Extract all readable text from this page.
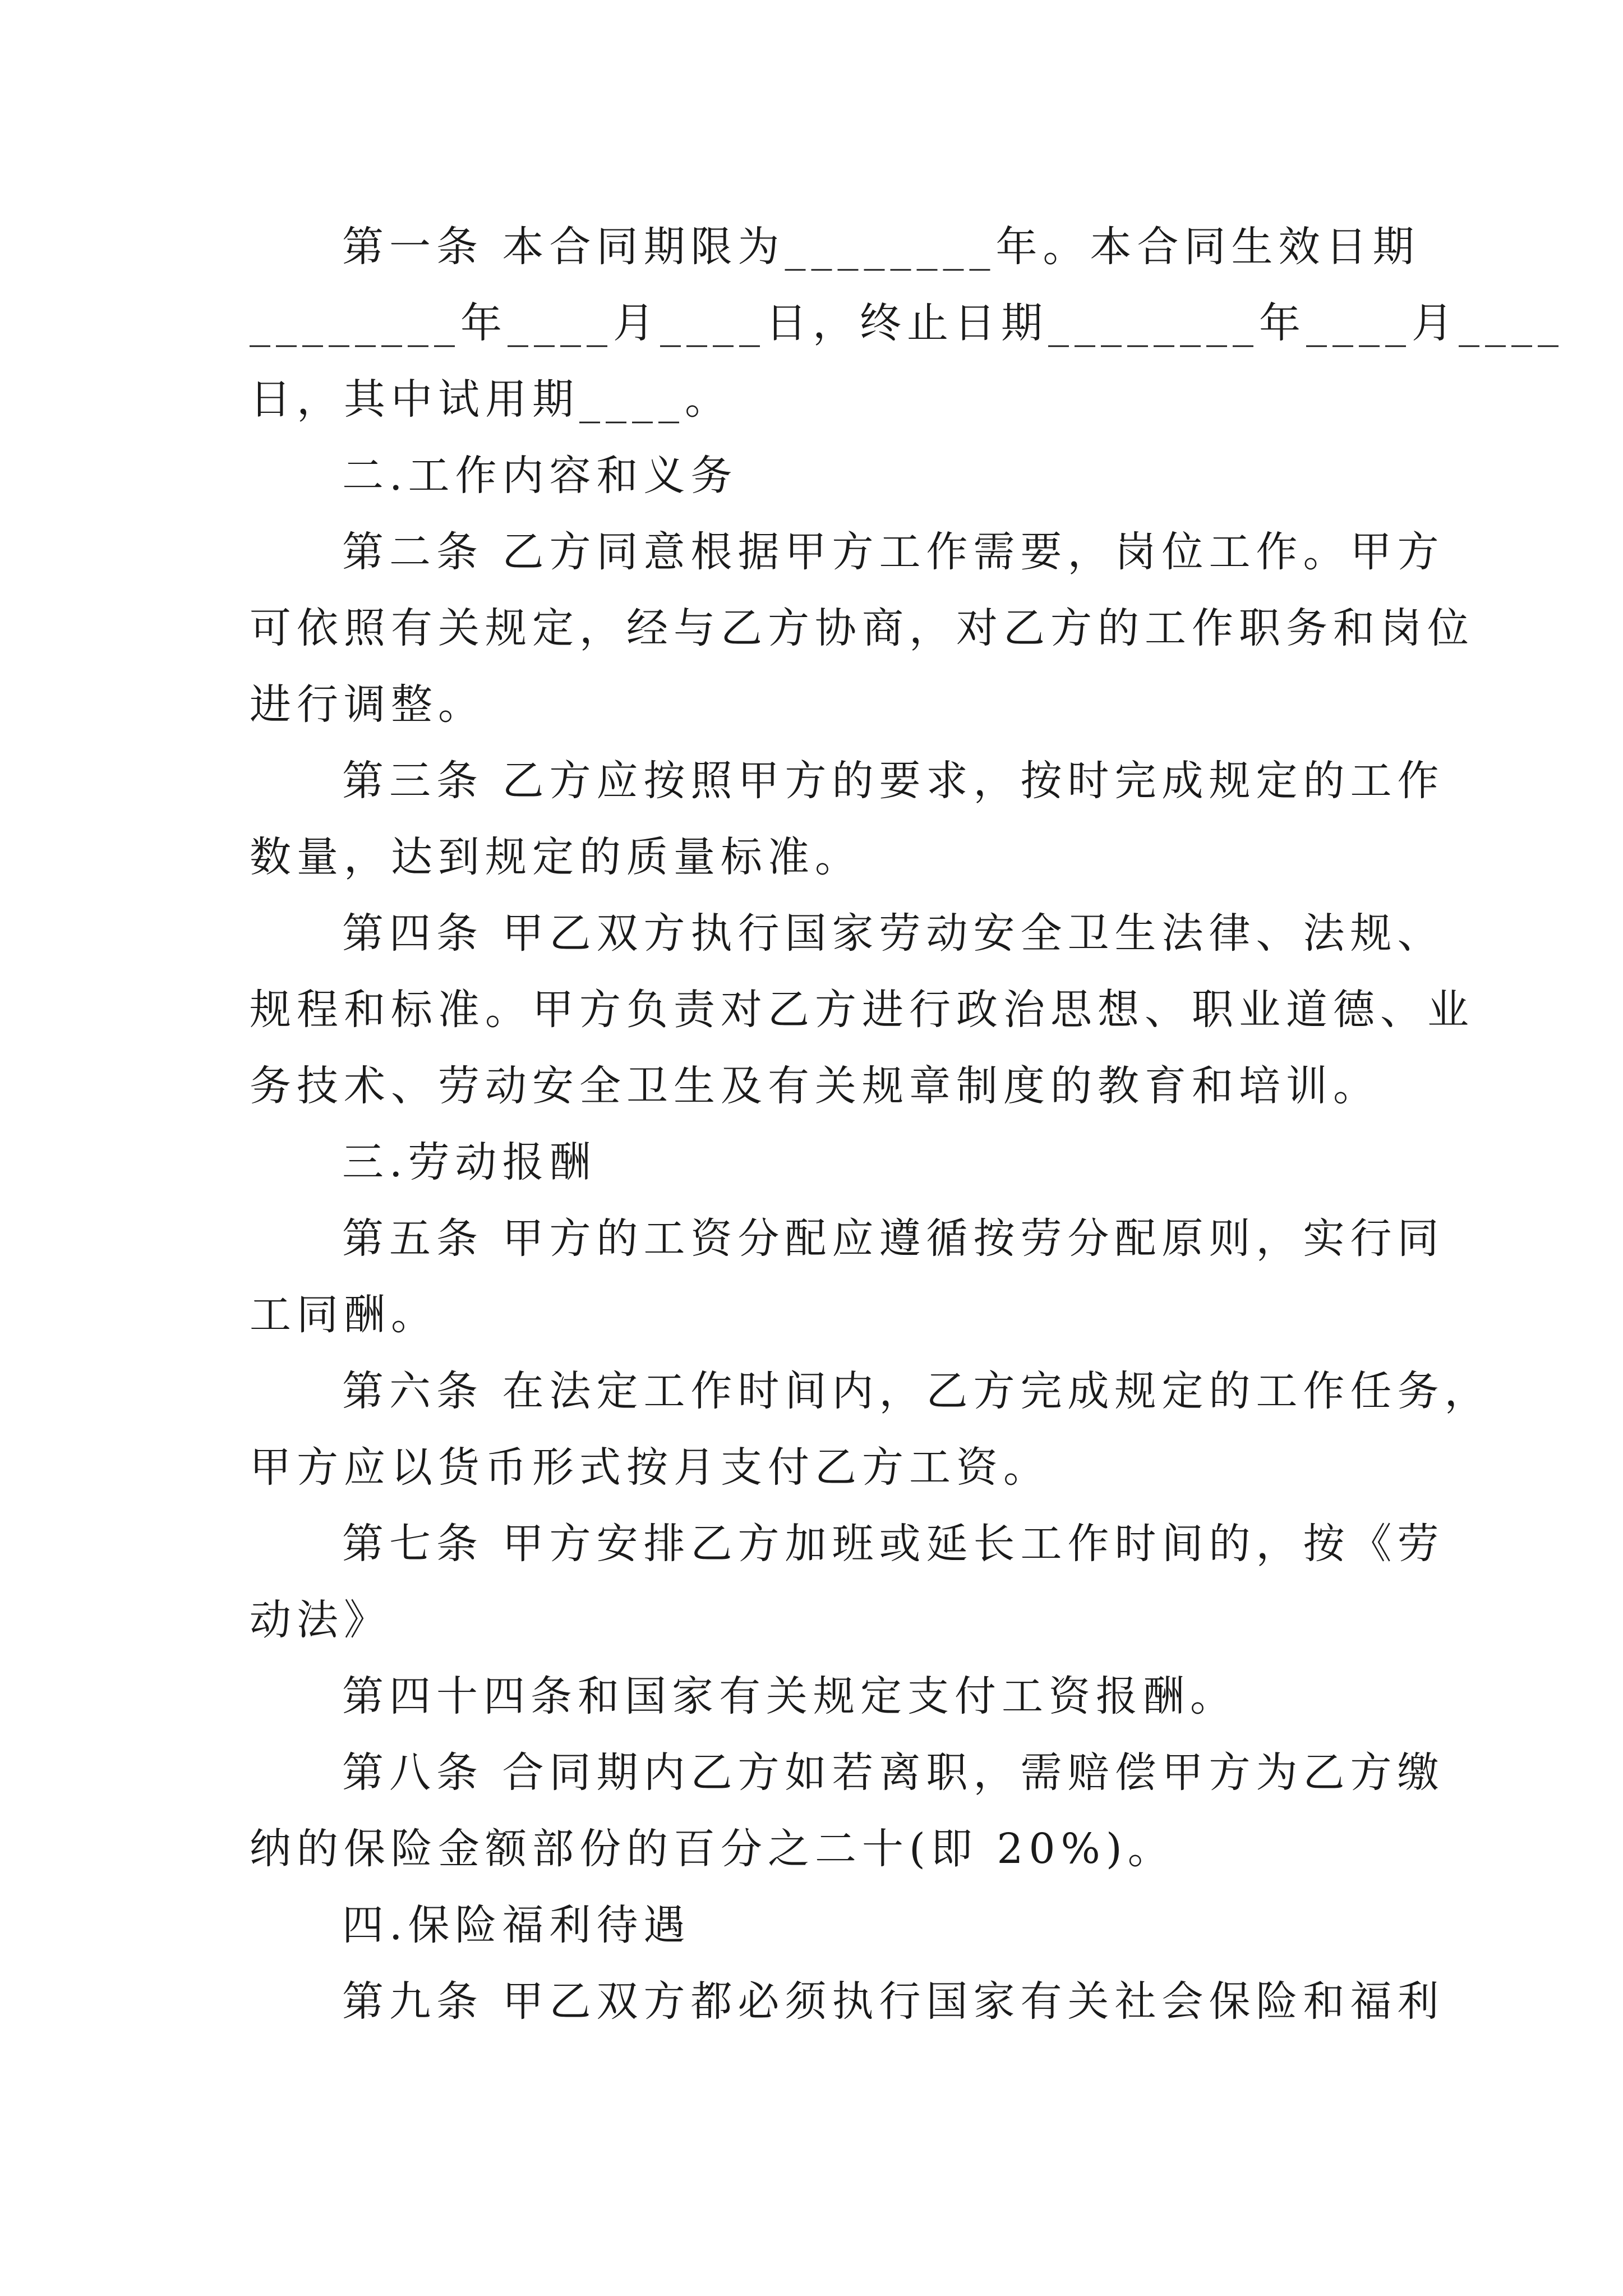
第一条 本合同期限为________年。本合同生效日期
________年____月____日，终止日期________年____月____
日，其中试用期____。
二.工作内容和义务
第二条 乙方同意根据甲方工作需要，岗位工作。甲方
可依照有关规定，经与乙方协商，对乙方的工作职务和岗位
进行调整。
第三条 乙方应按照甲方的要求，按时完成规定的工作
数量，达到规定的质量标准。
第四条 甲乙双方执行国家劳动安全卫生法律、法规、
规程和标准。甲方负责对乙方进行政治思想、职业道德、业
务技术、劳动安全卫生及有关规章制度的教育和培训。
三.劳动报酬
第五条 甲方的工资分配应遵循按劳分配原则，实行同
工同酬。
第六条 在法定工作时间内，乙方完成规定的工作任务，
甲方应以货币形式按月支付乙方工资。
第七条 甲方安排乙方加班或延长工作时间的，按《劳
动法》
第四十四条和国家有关规定支付工资报酬。
第八条 合同期内乙方如若离职，需赔偿甲方为乙方缴
纳的保险金额部份的百分之二十(即 20%)。
四.保险福利待遇
第九条 甲乙双方都必须执行国家有关社会保险和福利
